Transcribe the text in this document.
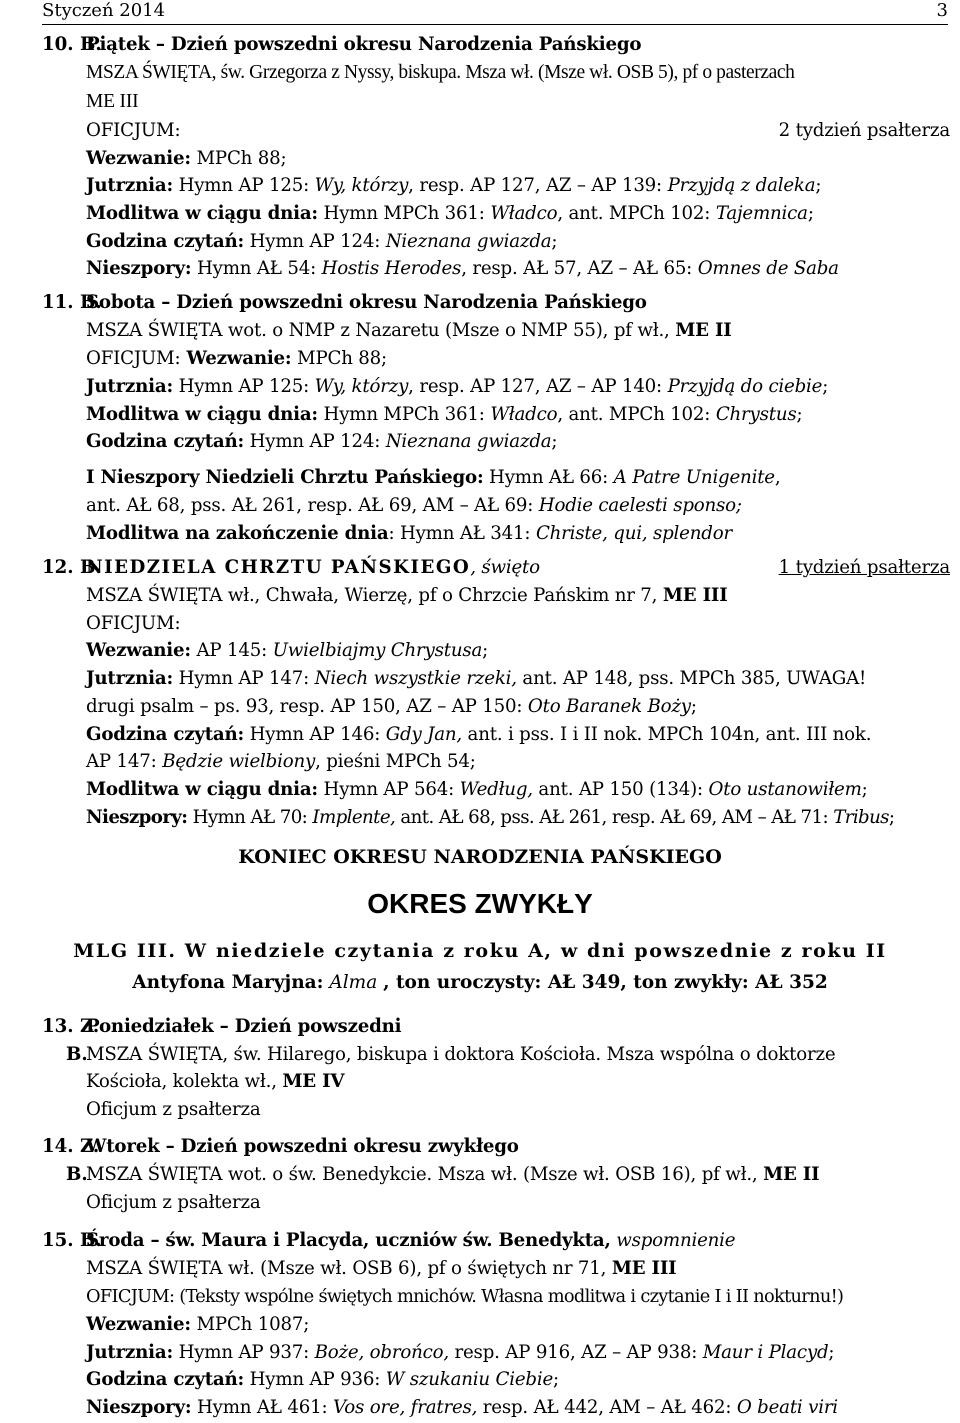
Styczeń 2014	3
10. B.
Piątek – Dzień powszedni okresu Narodzenia Pańskiego
MSZA ŚWIĘTA, św. Grzegorza z Nyssy, biskupa. Msza wł. (Msze wł. OSB 5), pf o pasterzach
ME III
OFICJUM:	2 tydzień psałterza
Wezwanie: MPCh 88;
Jutrznia: Hymn AP 125: Wy, którzy, resp. AP 127, AZ – AP 139: Przyjdą z daleka;
Modlitwa w ciągu dnia: Hymn MPCh 361: Władco, ant. MPCh 102: Tajemnica;
Godzina czytań: Hymn AP 124: Nieznana gwiazda;
Nieszpory: Hymn AŁ 54: Hostis Herodes, resp. AŁ 57, AZ – AŁ 65: Omnes de Saba
11. B.
Sobota – Dzień powszedni okresu Narodzenia Pańskiego
MSZA ŚWIĘTA wot. o NMP z Nazaretu (Msze o NMP 55), pf wł., ME II
OFICJUM: Wezwanie: MPCh 88;
Jutrznia: Hymn AP 125: Wy, którzy, resp. AP 127, AZ – AP 140: Przyjdą do ciebie;
Modlitwa w ciągu dnia: Hymn MPCh 361: Władco, ant. MPCh 102: Chrystus;
Godzina czytań: Hymn AP 124: Nieznana gwiazda;
I Nieszpory Niedzieli Chrztu Pańskiego: Hymn AŁ 66: A Patre Unigenite,
ant. AŁ 68, pss. AŁ 261, resp. AŁ 69, AM – AŁ 69: Hodie caelesti sponso;
Modlitwa na zakończenie dnia: Hymn AŁ 341: Christe, qui, splendor
12. B.
NIEDZIELA CHRZTU PAŃSKIEGO, święto	1 tydzień psałterza
MSZA ŚWIĘTA wł., Chwała, Wierzę, pf o Chrzcie Pańskim nr 7, ME III
OFICJUM:
Wezwanie: AP 145: Uwielbiajmy Chrystusa;
Jutrznia: Hymn AP 147: Niech wszystkie rzeki, ant. AP 148, pss. MPCh 385, UWAGA!
drugi psalm – ps. 93, resp. AP 150, AZ – AP 150: Oto Baranek Boży;
Godzina czytań: Hymn AP 146: Gdy Jan, ant. i pss. I i II nok. MPCh 104n, ant. III nok.
AP 147: Będzie wielbiony, pieśni MPCh 54;
Modlitwa w ciągu dnia: Hymn AP 564: Według, ant. AP 150 (134): Oto ustanowiłem;
Nieszpory: Hymn AŁ 70: Implente, ant. AŁ 68, pss. AŁ 261, resp. AŁ 69, AM – AŁ 71: Tribus;
KONIEC OKRESU NARODZENIA PAŃSKIEGO
OKRES ZWYKŁY
MLG III. W niedziele czytania z roku A, w dni powszednie z roku II
Antyfona Maryjna: Alma , ton uroczysty: AŁ 349, ton zwykły: AŁ 352
13. Z.
Poniedziałek – Dzień powszedni
B.
MSZA ŚWIĘTA, św. Hilarego, biskupa i doktora Kościoła. Msza wspólna o doktorze
Kościoła, kolekta wł., ME IV
Oficjum z psałterza
14. Z.
Wtorek – Dzień powszedni okresu zwykłego
B.
MSZA ŚWIĘTA wot. o św. Benedykcie. Msza wł. (Msze wł. OSB 16), pf wł., ME II
Oficjum z psałterza
15. B.
Środa – św. Maura i Placyda, uczniów św. Benedykta, wspomnienie
MSZA ŚWIĘTA wł. (Msze wł. OSB 6), pf o świętych nr 71, ME III
OFICJUM: (Teksty wspólne świętych mnichów. Własna modlitwa i czytanie I i II nokturnu!)
Wezwanie: MPCh 1087;
Jutrznia: Hymn AP 937: Boże, obrońco, resp. AP 916, AZ – AP 938: Maur i Placyd;
Godzina czytań: Hymn AP 936: W szukaniu Ciebie;
Nieszpory: Hymn AŁ 461: Vos ore, fratres, resp. AŁ 442, AM – AŁ 462: O beati viri
